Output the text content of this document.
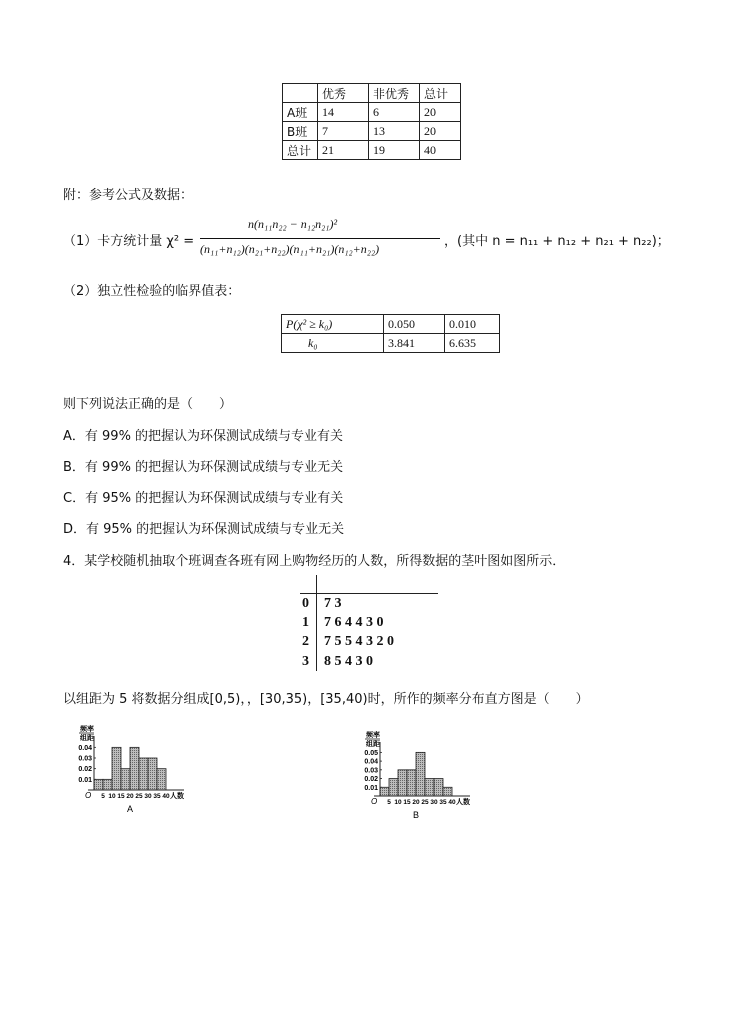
	优秀	非优秀	总计
A班	14	6	20
B班	7	13	20
总计	21	19	40
附：参考公式及数据：
（1）卡方统计量 χ² =
n(n₁₁n₂₂ − n₁₂n₂₁)²
(n₁₁+n₁₂)(n₂₁+n₂₂)(n₁₁+n₂₁)(n₁₂+n₂₂)	，(其中 n = n₁₁ + n₁₂ + n₂₁ + n₂₂)；
（2）独立性检验的临界值表：
P(χ² ≥ k₀)	0.050	0.010
k₀	3.841	6.635
则下列说法正确的是（　　）
A．有 99% 的把握认为环保测试成绩与专业有关
B．有 99% 的把握认为环保测试成绩与专业无关
C．有 95% 的把握认为环保测试成绩与专业有关
D．有 95% 的把握认为环保测试成绩与专业无关
4．某学校随机抽取个班调查各班有网上购物经历的人数，所得数据的茎叶图如图所示．
0 7 3
1 7 6 4 4 3 0
2 7 5 5 4 3 2 0
3 8 5 4 3 0
以组距为 5 将数据分组成[0,5)，，[30,35)，[35,40)时，所作的频率分布直方图是（　　）
频率
组距
0.04
0.03
0.02
0.01
O 5 10 15 20 25 30 35 40 人数
A
频率
组距
0.05
0.04
0.03
0.02
0.01
O 5 10 15 20 25 30 35 40 人数
B
